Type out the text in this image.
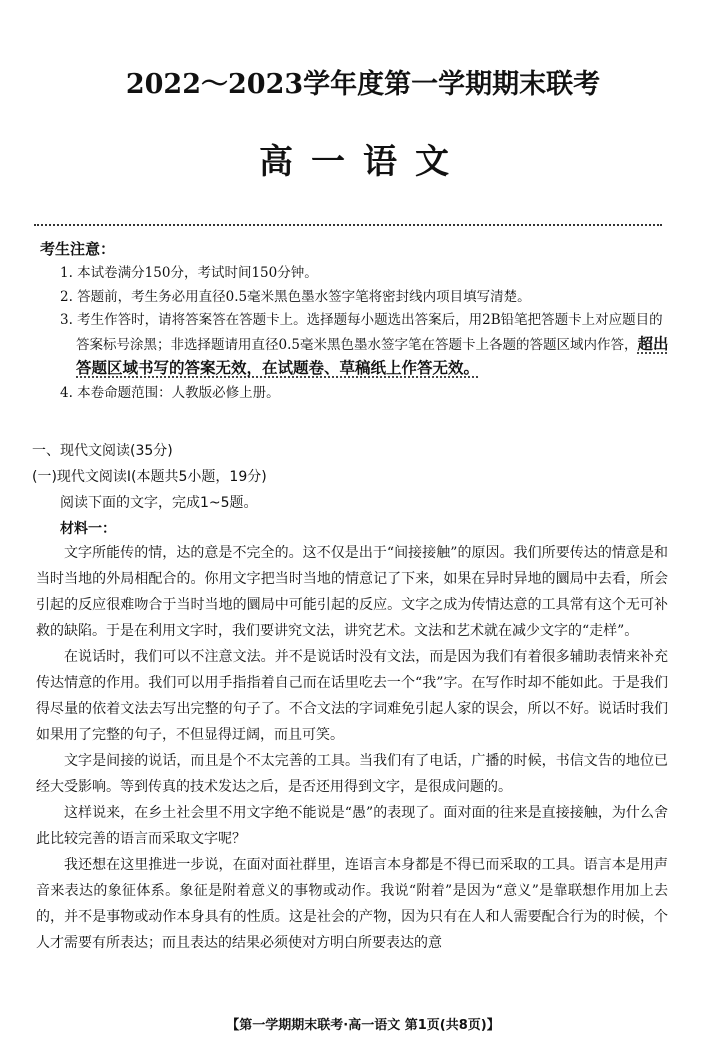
2022～2023学年度第一学期期末联考
高一语文
考生注意：
1. 本试卷满分150分，考试时间150分钟。
2. 答题前，考生务必用直径0.5毫米黑色墨水签字笔将密封线内项目填写清楚。
3. 考生作答时，请将答案答在答题卡上。选择题每小题选出答案后，用2B铅笔把答题卡上对应题目的答案标号涂黑；非选择题请用直径0.5毫米黑色墨水签字笔在答题卡上各题的答题区域内作答，超出答题区域书写的答案无效，在试题卷、草稿纸上作答无效。
4. 本卷命题范围：人教版必修上册。
一、现代文阅读(35分)
(一)现代文阅读Ⅰ(本题共5小题，19分)
阅读下面的文字，完成1~5题。
材料一：

文字所能传的情，达的意是不完全的。这不仅是出于“间接接触”的原因。我们所要传达的情意是和当时当地的外局相配合的。你用文字把当时当地的情意记了下来，如果在异时异地的圜局中去看，所会引起的反应很难吻合于当时当地的圜局中可能引起的反应。文字之成为传情达意的工具常有这个无可补救的缺陷。于是在利用文字时，我们要讲究文法，讲究艺术。文法和艺术就在减少文字的“走样”。

在说话时，我们可以不注意文法。并不是说话时没有文法，而是因为我们有着很多辅助表情来补充传达情意的作用。我们可以用手指指着自己而在话里吃去一个“我”字。在写作时却不能如此。于是我们得尽量的依着文法去写出完整的句子了。不合文法的字词难免引起人家的误会，所以不好。说话时我们如果用了完整的句子，不但显得迂阔，而且可笑。

文字是间接的说话，而且是个不太完善的工具。当我们有了电话，广播的时候，书信文告的地位已经大受影响。等到传真的技术发达之后，是否还用得到文字，是很成问题的。

这样说来，在乡土社会里不用文字绝不能说是“愚”的表现了。面对面的往来是直接接触，为什么舍此比较完善的语言而采取文字呢？

我还想在这里推进一步说，在面对面社群里，连语言本身都是不得已而采取的工具。语言本是用声音来表达的象征体系。象征是附着意义的事物或动作。我说“附着”是因为“意义”是靠联想作用加上去的，并不是事物或动作本身具有的性质。这是社会的产物，因为只有在人和人需要配合行为的时候，个人才需要有所表达；而且表达的结果必须使对方明白所要表达的意

【第一学期期末联考·高一语文 第1页(共8页)】
